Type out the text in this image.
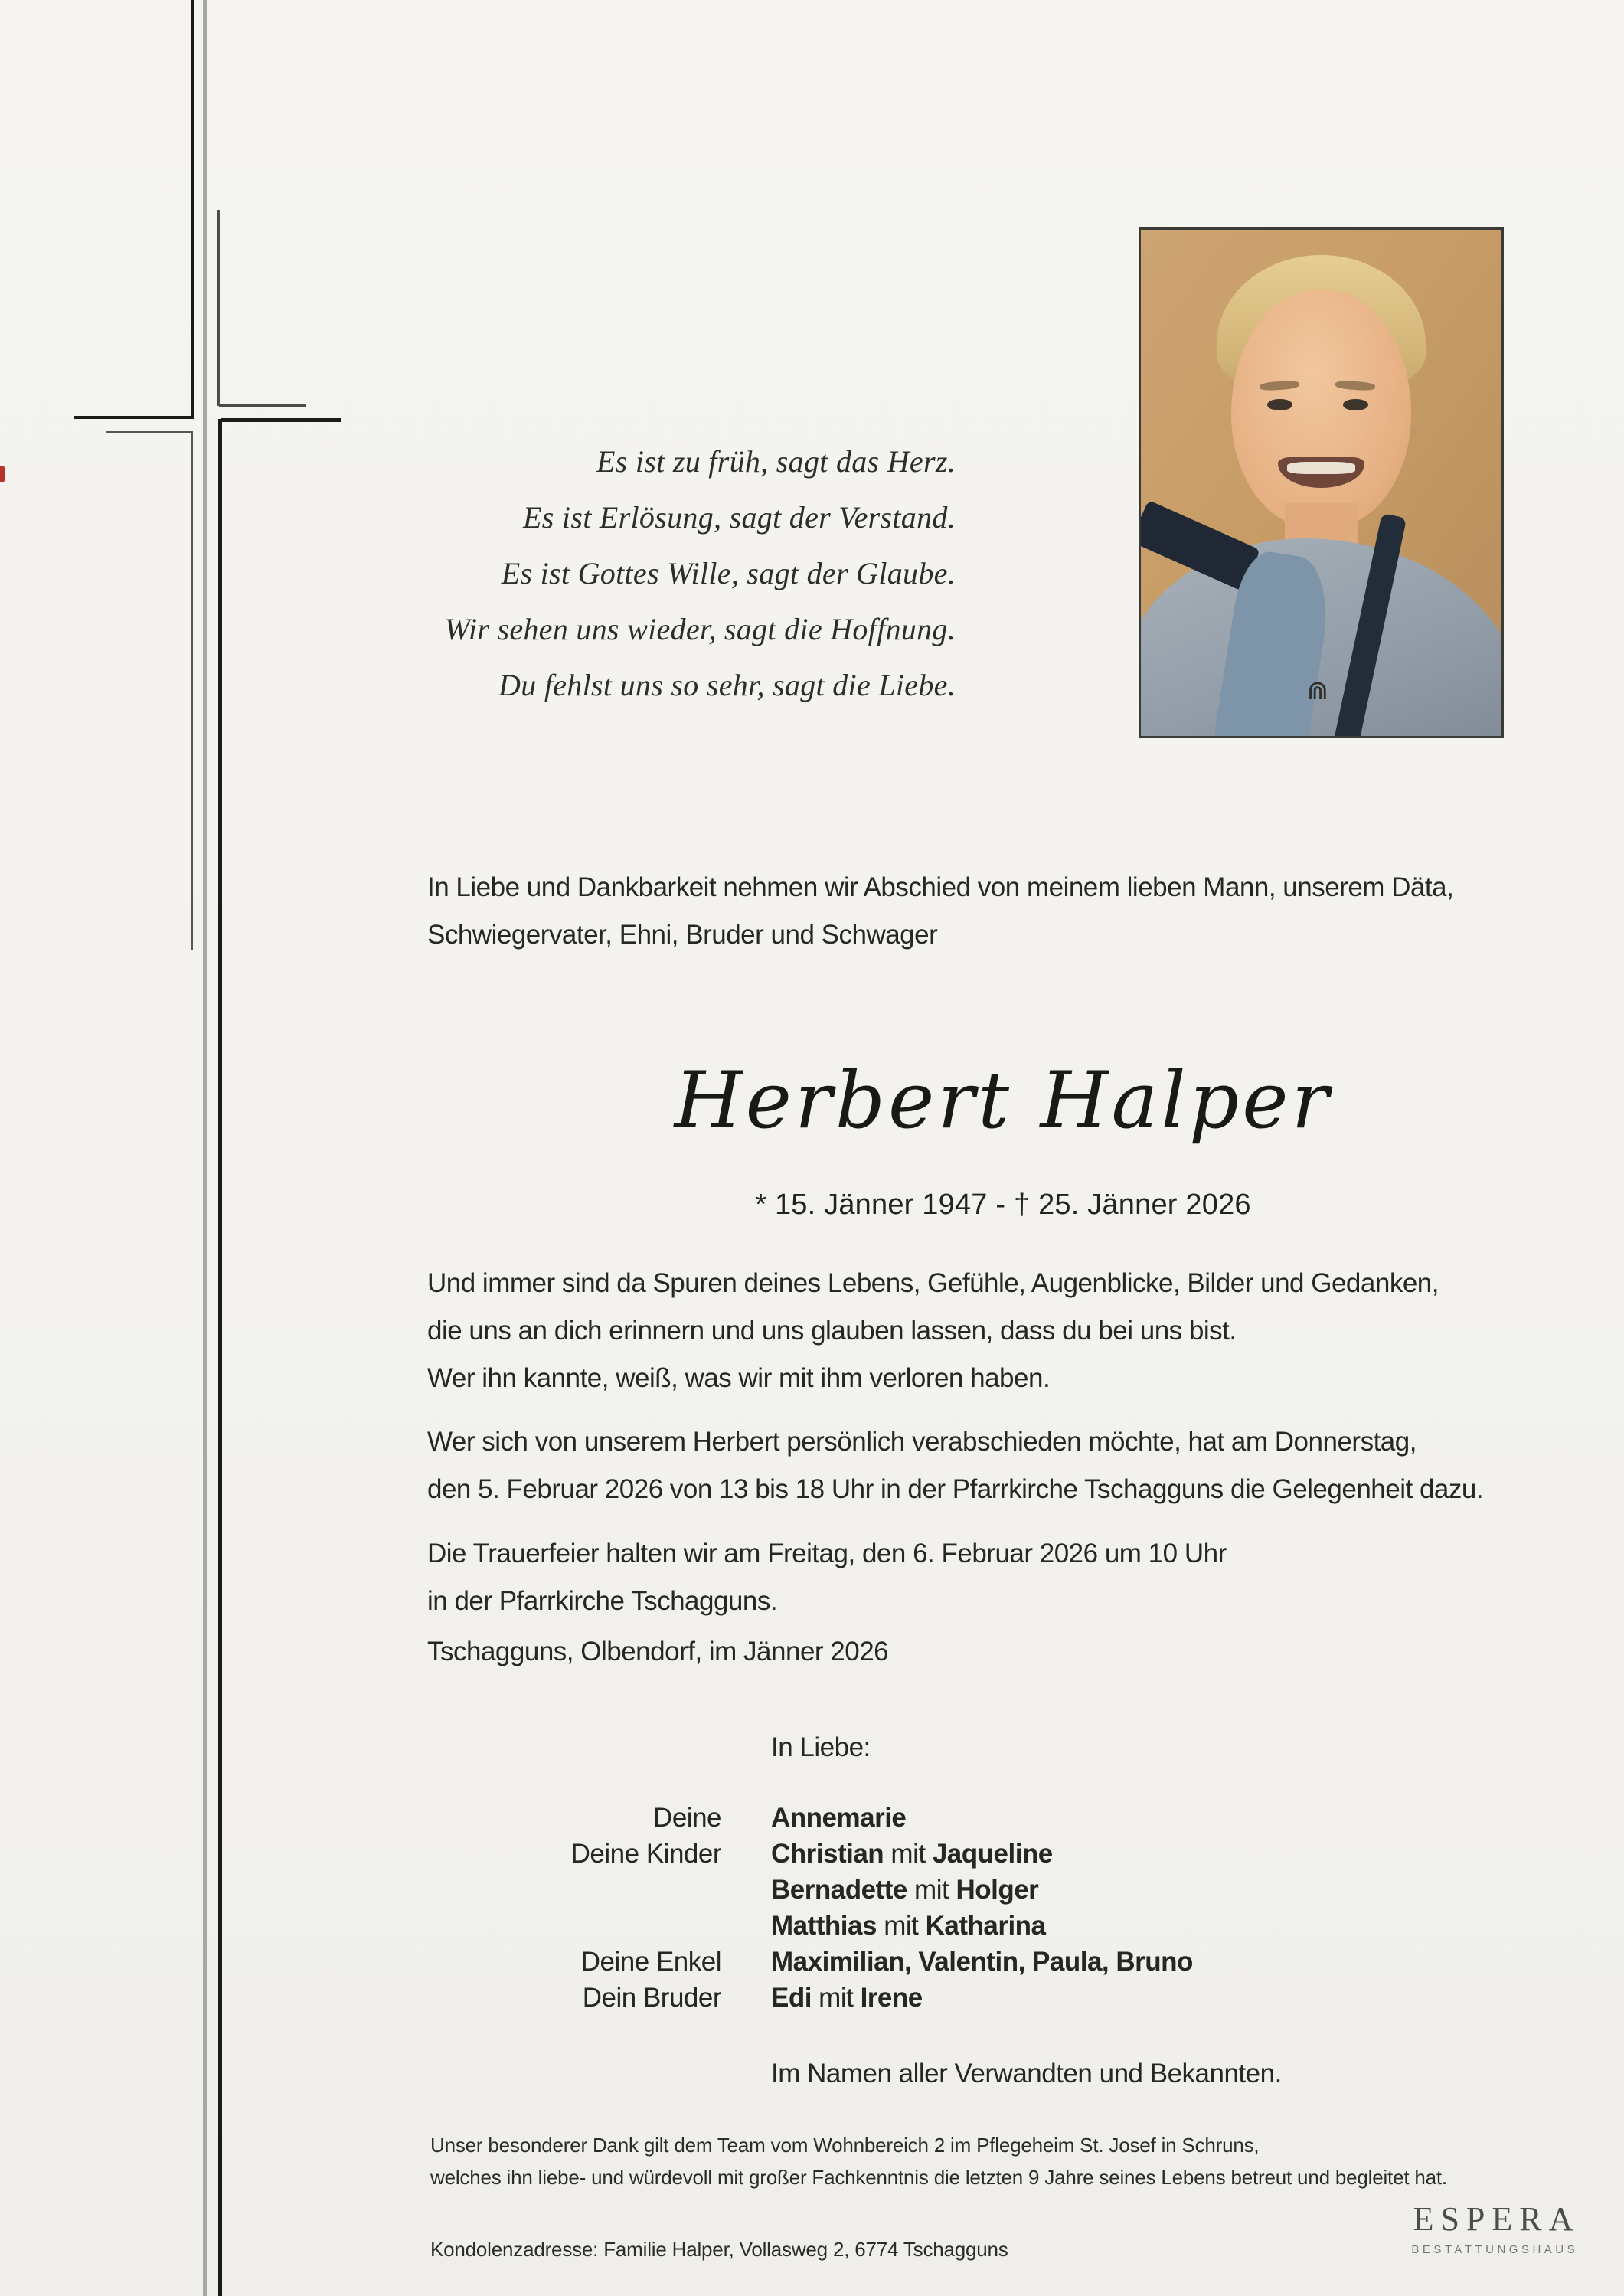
⋒
Es ist zu früh, sagt das Herz.
Es ist Erlösung, sagt der Verstand.
Es ist Gottes Wille, sagt der Glaube.
Wir sehen uns wieder, sagt die Hoffnung.
Du fehlst uns so sehr, sagt die Liebe.
In Liebe und Dankbarkeit nehmen wir Abschied von meinem lieben Mann, unserem Däta,
Schwiegervater, Ehni, Bruder und Schwager
Herbert Halper
* 15. Jänner 1947 - † 25. Jänner 2026
Und immer sind da Spuren deines Lebens, Gefühle, Augenblicke, Bilder und Gedanken,
die uns an dich erinnern und uns glauben lassen, dass du bei uns bist.
Wer ihn kannte, weiß, was wir mit ihm verloren haben.
Wer sich von unserem Herbert persönlich verabschieden möchte, hat am Donnerstag,
den 5. Februar 2026 von 13 bis 18 Uhr in der Pfarrkirche Tschagguns die Gelegenheit dazu.
Die Trauerfeier halten wir am Freitag, den 6. Februar 2026 um 10 Uhr
in der Pfarrkirche Tschagguns.
Tschagguns, Olbendorf, im Jänner 2026
In Liebe:
Deine Annemarie
Deine Kinder Christian mit Jaqueline
Bernadette mit Holger
Matthias mit Katharina
Deine Enkel Maximilian, Valentin, Paula, Bruno
Dein Bruder Edi mit Irene
Im Namen aller Verwandten und Bekannten.
Unser besonderer Dank gilt dem Team vom Wohnbereich 2 im Pflegeheim St. Josef in Schruns,
welches ihn liebe- und würdevoll mit großer Fachkenntnis die letzten 9 Jahre seines Lebens betreut und begleitet hat.
Kondolenzadresse: Familie Halper, Vollasweg 2, 6774 Tschagguns
ESPERA
BESTATTUNGSHAUS
